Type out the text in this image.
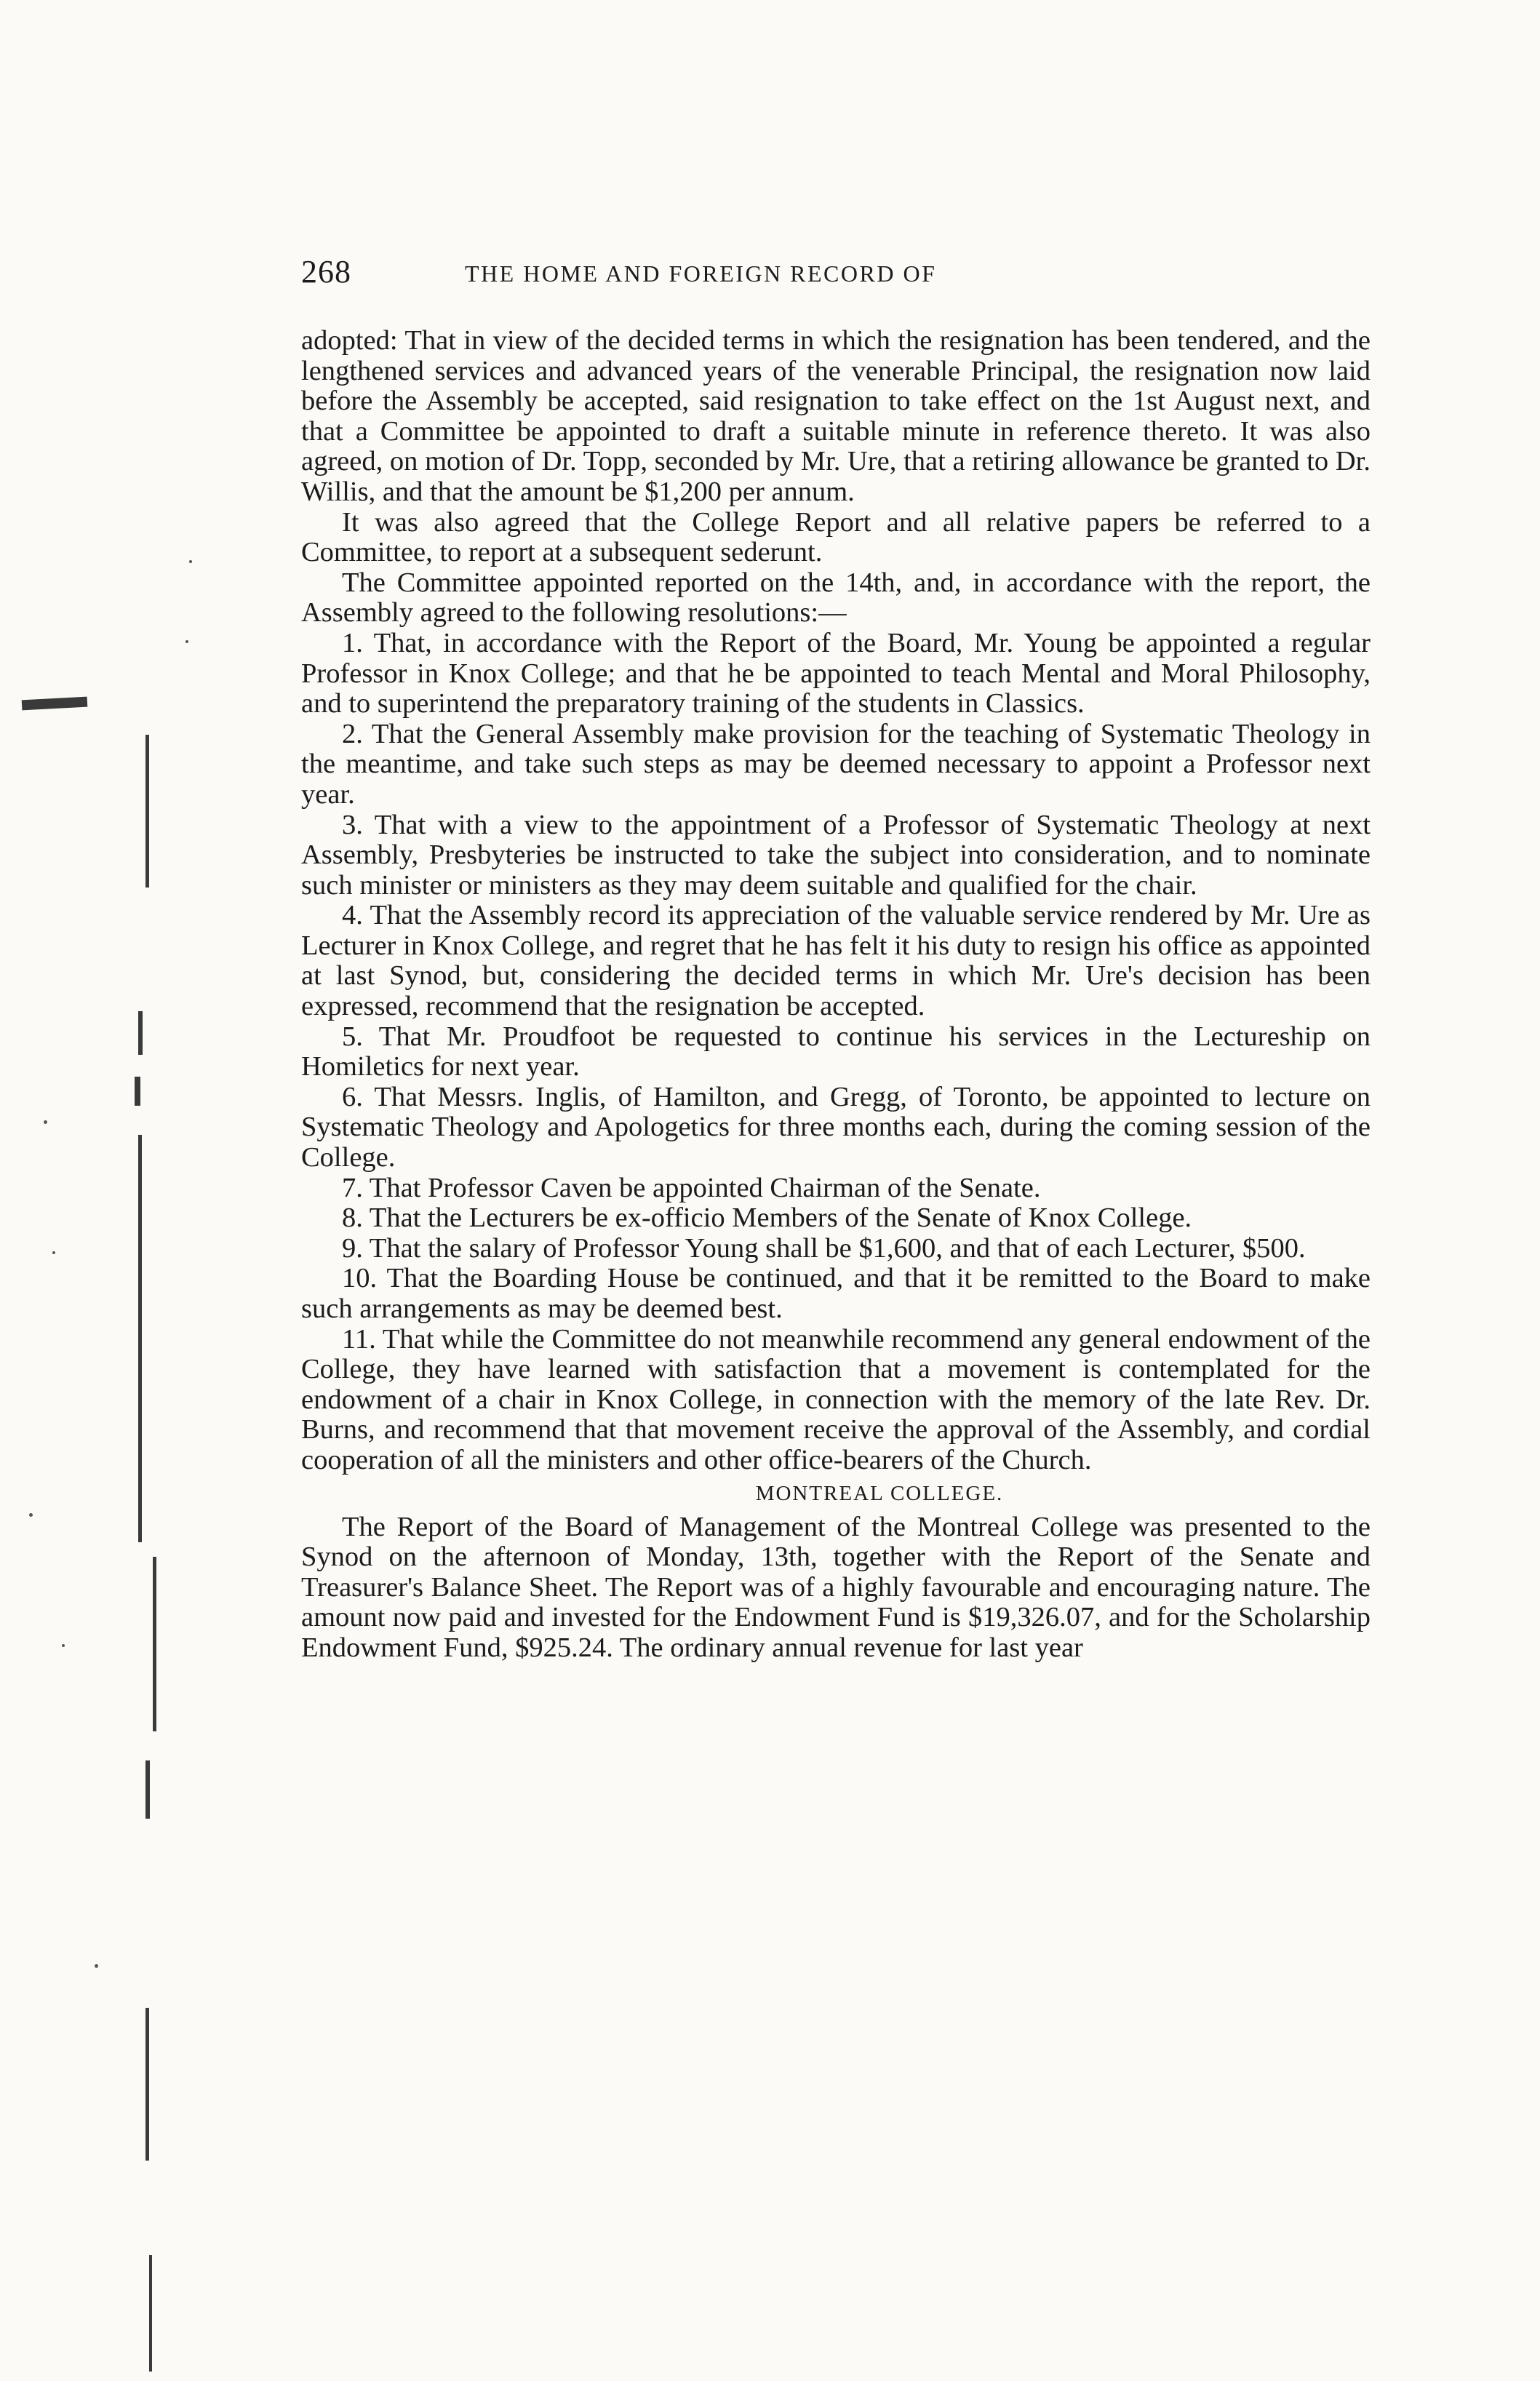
268	THE HOME AND FOREIGN RECORD OF

adopted: That in view of the decided terms in which the resignation has been tendered, and the lengthened services and advanced years of the venerable Principal, the resignation now laid before the Assembly be accepted, said resignation to take effect on the 1st August next, and that a Committee be appointed to draft a suitable minute in reference thereto. It was also agreed, on motion of Dr. Topp, seconded by Mr. Ure, that a retiring allowance be granted to Dr. Willis, and that the amount be $1,200 per annum.

It was also agreed that the College Report and all relative papers be referred to a Committee, to report at a subsequent sederunt.

The Committee appointed reported on the 14th, and, in accordance with the report, the Assembly agreed to the following resolutions:—

1. That, in accordance with the Report of the Board, Mr. Young be appointed a regular Professor in Knox College; and that he be appointed to teach Mental and Moral Philosophy, and to superintend the preparatory training of the students in Classics.

2. That the General Assembly make provision for the teaching of Systematic Theology in the meantime, and take such steps as may be deemed necessary to appoint a Professor next year.

3. That with a view to the appointment of a Professor of Systematic Theology at next Assembly, Presbyteries be instructed to take the subject into consideration, and to nominate such minister or ministers as they may deem suitable and qualified for the chair.

4. That the Assembly record its appreciation of the valuable service rendered by Mr. Ure as Lecturer in Knox College, and regret that he has felt it his duty to resign his office as appointed at last Synod, but, considering the decided terms in which Mr. Ure's decision has been expressed, recommend that the resignation be accepted.

5. That Mr. Proudfoot be requested to continue his services in the Lectureship on Homiletics for next year.

6. That Messrs. Inglis, of Hamilton, and Gregg, of Toronto, be appointed to lecture on Systematic Theology and Apologetics for three months each, during the coming session of the College.

7. That Professor Caven be appointed Chairman of the Senate.

8. That the Lecturers be ex-officio Members of the Senate of Knox College.

9. That the salary of Professor Young shall be $1,600, and that of each Lecturer, $500.

10. That the Boarding House be continued, and that it be remitted to the Board to make such arrangements as may be deemed best.

11. That while the Committee do not meanwhile recommend any general endowment of the College, they have learned with satisfaction that a movement is contemplated for the endowment of a chair in Knox College, in connection with the memory of the late Rev. Dr. Burns, and recommend that that movement receive the approval of the Assembly, and cordial cooperation of all the ministers and other office-bearers of the Church.

MONTREAL COLLEGE.

The Report of the Board of Management of the Montreal College was presented to the Synod on the afternoon of Monday, 13th, together with the Report of the Senate and Treasurer's Balance Sheet. The Report was of a highly favourable and encouraging nature. The amount now paid and invested for the Endowment Fund is $19,326.07, and for the Scholarship Endowment Fund, $925.24. The ordinary annual revenue for last year
